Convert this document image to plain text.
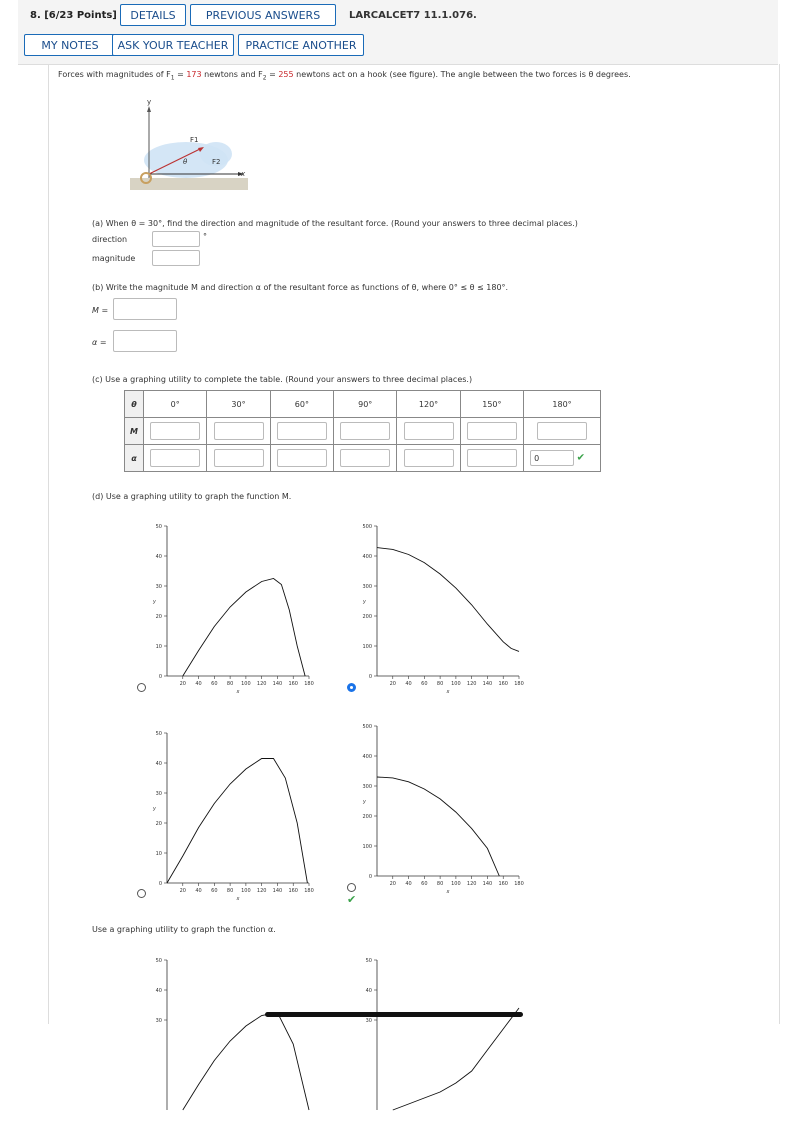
8. [6/23 Points]	DETAILS	PREVIOUS ANSWERS	LARCALCET7 11.1.076.
MY NOTES	ASK YOUR TEACHER	PRACTICE ANOTHER
Forces with magnitudes of $F_1 = 173$ newtons and $F_2 = 255$ newtons act on a hook (see figure). The angle between the two forces is θ degrees.
y
x
F1
F2
θ
(a) When θ = 30°, find the direction and magnitude of the resultant force. (Round your answers to three decimal places.)
direction	°
magnitude
(b) Write the magnitude M and direction α of the resultant force as functions of θ, where 0° ≤ θ ≤ 180°.
M =
α =
(c) Use a graphing utility to complete the table. (Round your answers to three decimal places.)
θ	0°	30°	60°	90°	120°	150°	180°
M							
α							0 ✔
(d) Use a graphing utility to graph the function M.
0
10
20
30
40
50
20 40 60 80 100 120 140 160 180
x
y
0
100
200
300
400
500
20 40 60 80 100 120 140 160 180
x
y
0
10
20
30
40
50
20 40 60 80 100 120 140 160 180
x
y
0
100
200
300
400
500
20 40 60 80 100 120 140 160 180
x
y
✔
Use a graphing utility to graph the function α.
30
40
50
30
40
50
